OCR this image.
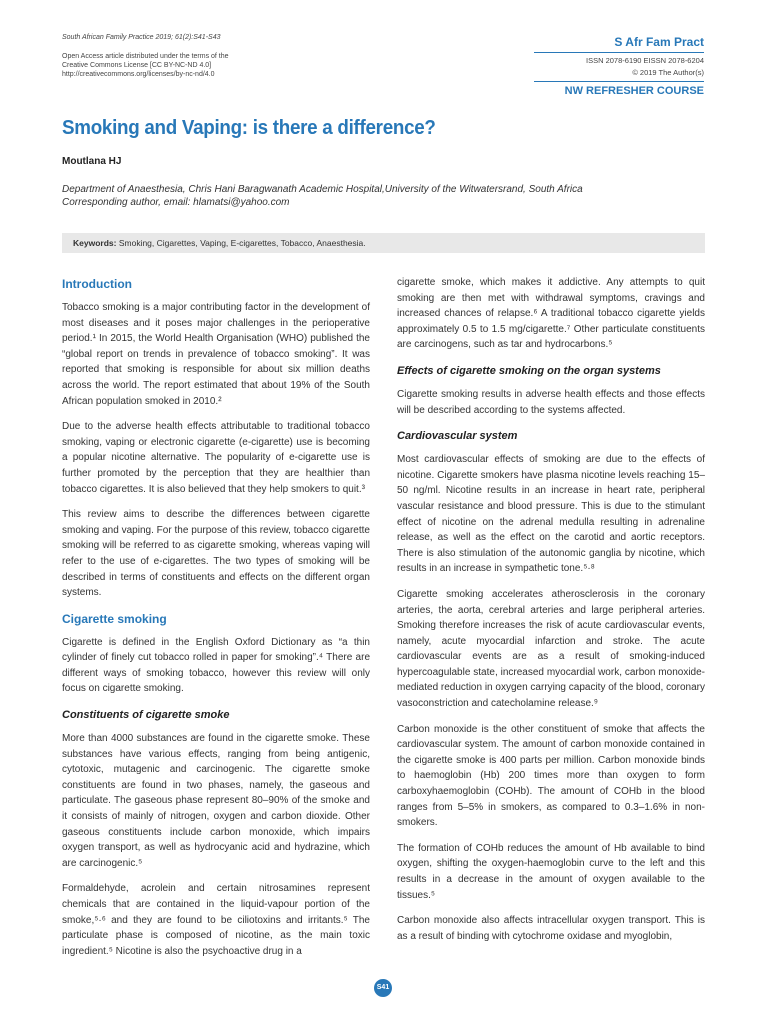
South African Family Practice 2019; 61(2):S41-S43
Open Access article distributed under the terms of the
Creative Commons License [CC BY-NC-ND 4.0]
http://creativecommons.org/licenses/by-nc-nd/4.0
S Afr Fam Pract
ISSN 2078-6190 EISSN 2078-6204
© 2019 The Author(s)
NW REFRESHER COURSE
Smoking and Vaping: is there a difference?
Moutlana HJ
Department of Anaesthesia, Chris Hani Baragwanath Academic Hospital,University of the Witwatersrand, South Africa
Corresponding author, email: hlamatsi@yahoo.com
Keywords: Smoking, Cigarettes, Vaping, E-cigarettes, Tobacco, Anaesthesia.
Introduction

Tobacco smoking is a major contributing factor in the development of most diseases and it poses major challenges in the perioperative period.¹ In 2015, the World Health Organisation (WHO) published the “global report on trends in prevalence of tobacco smoking”. It was reported that smoking is responsible for about six million deaths across the world. The report estimated that about 19% of the South African population smoked in 2010.²

Due to the adverse health effects attributable to traditional tobacco smoking, vaping or electronic cigarette (e-cigarette) use is becoming a popular nicotine alternative. The popularity of e-cigarette use is further promoted by the perception that they are healthier than tobacco cigarettes. It is also believed that they help smokers to quit.³

This review aims to describe the differences between cigarette smoking and vaping. For the purpose of this review, tobacco cigarette smoking will be referred to as cigarette smoking, whereas vaping will refer to the use of e-cigarettes. The two types of smoking will be described in terms of constituents and effects on the different organ systems.

Cigarette smoking

Cigarette is defined in the English Oxford Dictionary as “a thin cylinder of finely cut tobacco rolled in paper for smoking”.⁴ There are different ways of smoking tobacco, however this review will only focus on cigarette smoking.

Constituents of cigarette smoke

More than 4000 substances are found in the cigarette smoke. These substances have various effects, ranging from being antigenic, cytotoxic, mutagenic and carcinogenic. The cigarette smoke constituents are found in two phases, namely, the gaseous and particulate. The gaseous phase represent 80–90% of the smoke and it consists of mainly of nitrogen, oxygen and carbon dioxide. Other gaseous constituents include carbon monoxide, which impairs oxygen transport, as well as hydrocyanic acid and hydrazine, which are carcinogenic.⁵

Formaldehyde, acrolein and certain nitrosamines represent chemicals that are contained in the liquid-vapour portion of the smoke,⁵·⁶ and they are found to be ciliotoxins and irritants.⁵ The particulate phase is composed of nicotine, as the main toxic ingredient.⁵ Nicotine is also the psychoactive drug in a

cigarette smoke, which makes it addictive. Any attempts to quit smoking are then met with withdrawal symptoms, cravings and increased chances of relapse.⁶ A traditional tobacco cigarette yields approximately 0.5 to 1.5 mg/cigarette.⁷ Other particulate constituents are carcinogens, such as tar and hydrocarbons.⁵

Effects of cigarette smoking on the organ systems

Cigarette smoking results in adverse health effects and those effects will be described according to the systems affected.

Cardiovascular system

Most cardiovascular effects of smoking are due to the effects of nicotine. Cigarette smokers have plasma nicotine levels reaching 15–50 ng/ml. Nicotine results in an increase in heart rate, peripheral vascular resistance and blood pressure. This is due to the stimulant effect of nicotine on the adrenal medulla resulting in adrenaline release, as well as the effect on the carotid and aortic receptors. There is also stimulation of the autonomic ganglia by nicotine, which results in an increase in sympathetic tone.⁵·⁸

Cigarette smoking accelerates atherosclerosis in the coronary arteries, the aorta, cerebral arteries and large peripheral arteries. Smoking therefore increases the risk of acute cardiovascular events, namely, acute myocardial infarction and stroke. The acute cardiovascular events are as a result of smoking-induced hypercoagulable state, increased myocardial work, carbon monoxide-mediated reduction in oxygen carrying capacity of the blood, coronary vasoconstriction and catecholamine release.⁹

Carbon monoxide is the other constituent of smoke that affects the cardiovascular system. The amount of carbon monoxide contained in the cigarette smoke is 400 parts per million. Carbon monoxide binds to haemoglobin (Hb) 200 times more than oxygen to form carboxyhaemoglobin (COHb). The amount of COHb in the blood ranges from 5–5% in smokers, as compared to 0.3–1.6% in non-smokers.

The formation of COHb reduces the amount of Hb available to bind oxygen, shifting the oxygen-haemoglobin curve to the left and this results in a decrease in the amount of oxygen available to the tissues.⁵

Carbon monoxide also affects intracellular oxygen transport. This is as a result of binding with cytochrome oxidase and myoglobin,

S41
